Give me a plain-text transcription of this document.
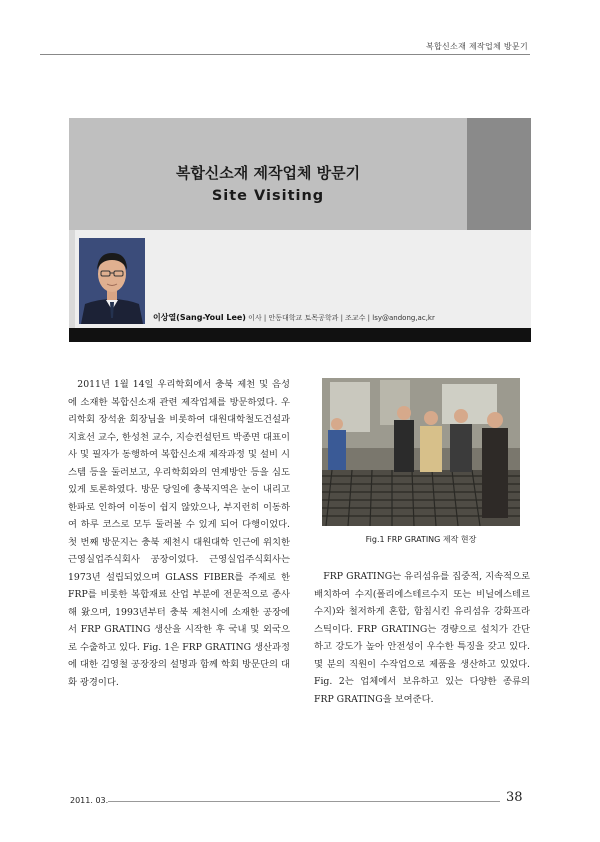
복합신소재 제작업체 방문기
복합신소재 제작업체 방문기
Site Visiting
이상열(Sang-Youl Lee) 이사 | 안동대학교 토목공학과 | 조교수 | lsy@andong,ac,kr

2011년 1월 14일 우리학회에서 충북 제천 및 음성에 소재한 복합신소재 관련 제작업체를 방문하였다. 우리학회 장석윤 회장님을 비롯하여 대원대학철도건설과 지효선 교수, 한성천 교수, 지승컨설턴트 박종면 대표이사 및 필자가 동행하여 복합신소재 제작과정 및 설비 시스템 등을 둘러보고, 우리학회와의 연계방안 등을 심도있게 토론하였다. 방문 당일에 충북지역은 눈이 내리고 한파로 인하여 이동이 쉽지 않았으나, 부지런히 이동하여 하루 코스로 모두 둘러볼 수 있게 되어 다행이었다. 첫 번째 방문지는 충북 제천시 대원대학 인근에 위치한 근영실업주식회사 공장이었다. 근영실업주식회사는 1973년 설립되었으며 GLASS FIBER를 주제로 한 FRP를 비롯한 복합재료 산업 부분에 전문적으로 종사해 왔으며, 1993년부터 충북 제천시에 소재한 공장에서 FRP GRATING 생산을 시작한 후 국내 및 외국으로 수출하고 있다. Fig. 1은 FRP GRATING 생산과정에 대한 김영철 공장장의 설명과 함께 학회 방문단의 대화 광경이다.

Fig.1 FRP GRATING 제작 현장

FRP GRATING는 유리섬유를 집중적, 지속적으로 배치하여 수지(폴리에스테르수지 또는 비닐에스테르수지)와 철저하게 혼합, 함침시킨 유리섬유 강화프라스틱이다. FRP GRATING는 경량으로 설치가 간단하고 강도가 높아 안전성이 우수한 특징을 갖고 있다. 몇 분의 직원이 수작업으로 제품을 생산하고 있었다. Fig. 2는 업체에서 보유하고 있는 다양한 종류의 FRP GRATING을 보여준다.

2011. 03.	38
